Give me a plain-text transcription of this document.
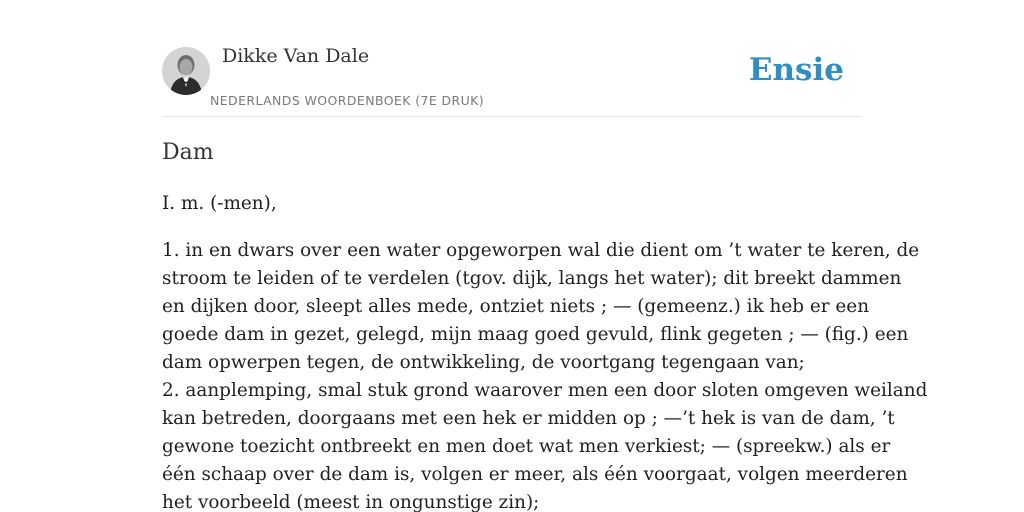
Dikke Van Dale
NEDERLANDS WOORDENBOEK (7E DRUK)
Ensie
Dam
I. m. (-men),
1. in en dwars over een water opgeworpen wal die dient om ’t water te keren, de
stroom te leiden of te verdelen (tgov. dijk, langs het water); dit breekt dammen
en dijken door, sleept alles mede, ontziet niets ; — (gemeenz.) ik heb er een
goede dam in gezet, gelegd, mijn maag goed gevuld, flink gegeten ; — (fig.) een
dam opwerpen tegen, de ontwikkeling, de voortgang tegengaan van;
2. aanplemping, smal stuk grond waarover men een door sloten omgeven weiland
kan betreden, doorgaans met een hek er midden op ; —’t hek is van de dam, ’t
gewone toezicht ontbreekt en men doet wat men verkiest; — (spreekw.) als er
één schaap over de dam is, volgen er meer, als één voorgaat, volgen meerderen
het voorbeeld (meest in ongunstige zin);
